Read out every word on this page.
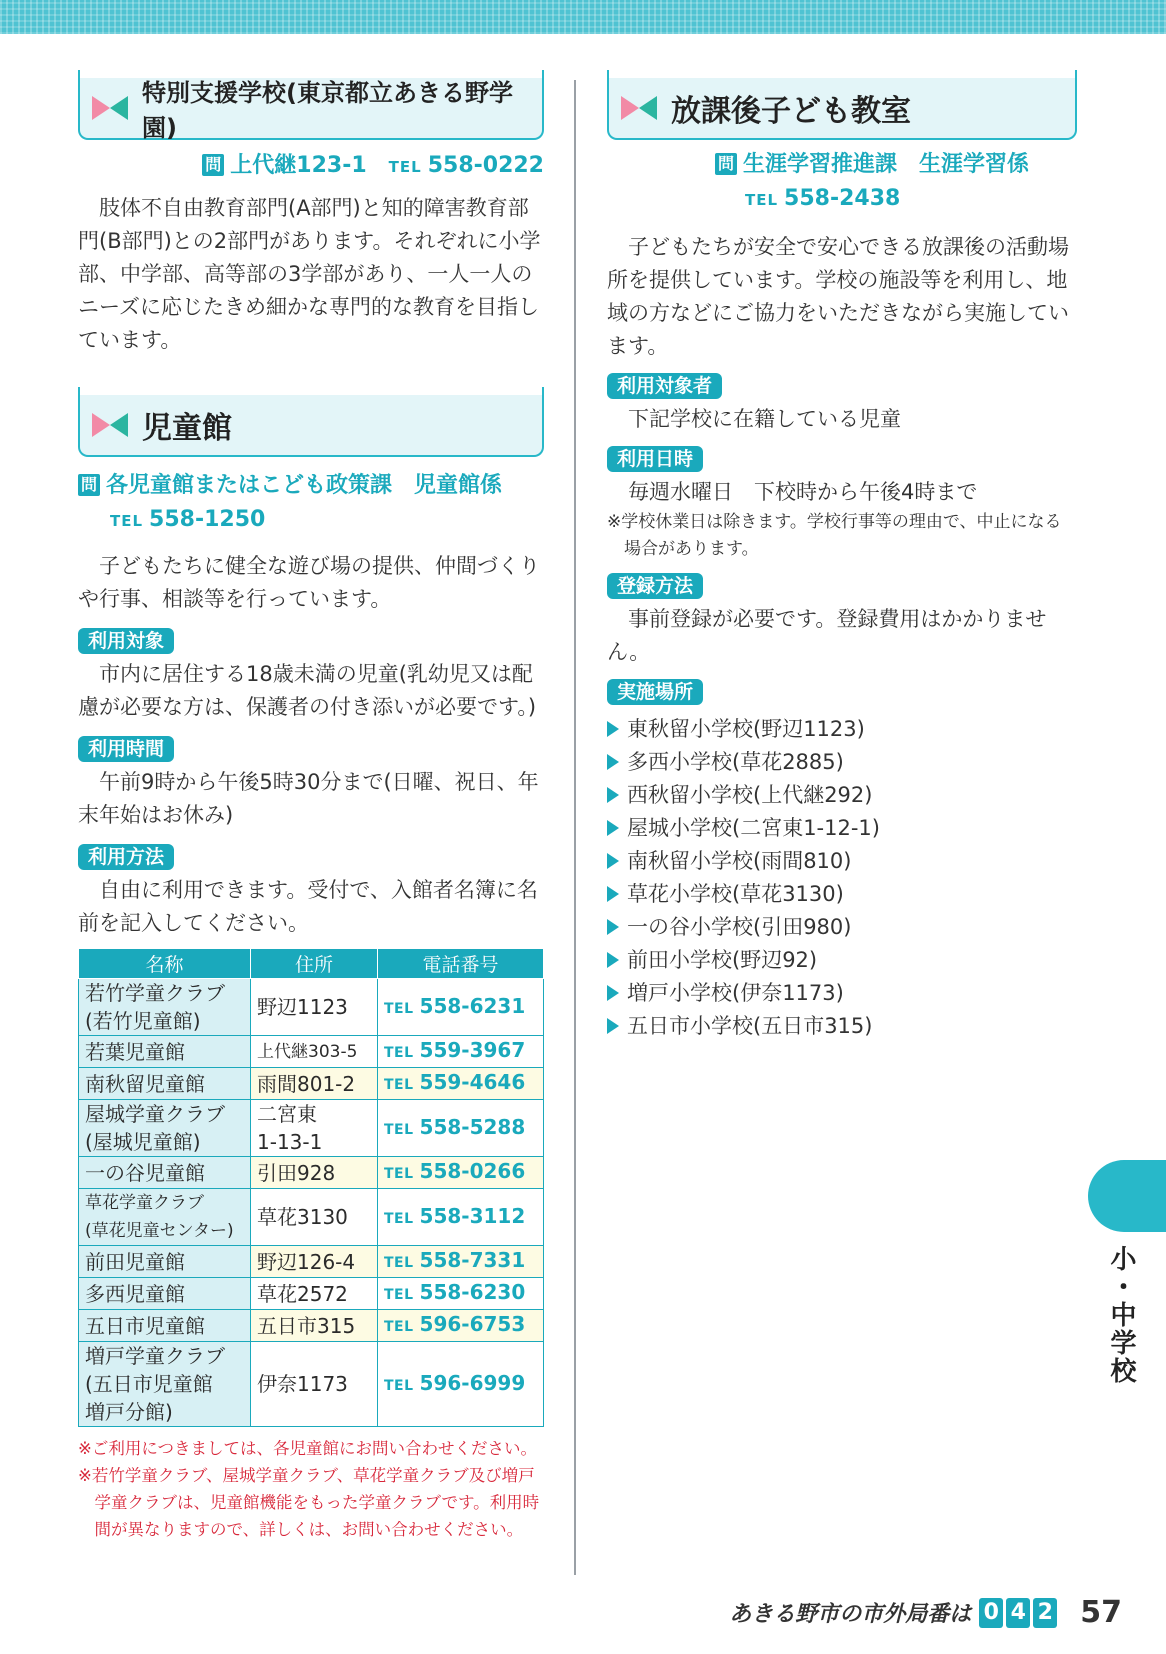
特別支援学校(東京都立あきる野学園)
問 上代継123-1　 TEL 558-0222

肢体不自由教育部門(A部門)と知的障害教育部門(B部門)との2部門があります。それぞれに小学部、中学部、高等部の3学部があり、一人一人のニーズに応じたきめ細かな専門的な教育を目指しています。

児童館
問 各児童館またはこども政策課　児童館係
TEL 558-1250

子どもたちに健全な遊び場の提供、仲間づくりや行事、相談等を行っています。

利用対象

市内に居住する18歳未満の児童(乳幼児又は配慮が必要な方は、保護者の付き添いが必要です。)

利用時間

午前9時から午後5時30分まで(日曜、祝日、年末年始はお休み)

利用方法

自由に利用できます。受付で、入館者名簿に名前を記入してください。

名称	住所	電話番号
若竹学童クラブ
(若竹児童館)	野辺1123	TEL 558-6231
若葉児童館	上代継303-5	TEL 559-3967
南秋留児童館	雨間801-2	TEL 559-4646
屋城学童クラブ
(屋城児童館)	二宮東
1-13-1	TEL 558-5288
一の谷児童館	引田928	TEL 558-0266
草花学童クラブ
(草花児童センター)	草花3130	TEL 558-3112
前田児童館	野辺126-4	TEL 558-7331
多西児童館	草花2572	TEL 558-6230
五日市児童館	五日市315	TEL 596-6753
増戸学童クラブ
(五日市児童館
増戸分館)	伊奈1173	TEL 596-6999

※ご利用につきましては、各児童館にお問い合わせください。

※若竹学童クラブ、屋城学童クラブ、草花学童クラブ及び増戸学童クラブは、児童館機能をもった学童クラブです。利用時間が異なりますので、詳しくは、お問い合わせください。

放課後子ども教室
問 生涯学習推進課　生涯学習係
TEL 558-2438

子どもたちが安全で安心できる放課後の活動場所を提供しています。学校の施設等を利用し、地域の方などにご協力をいただきながら実施しています。

利用対象者

下記学校に在籍している児童

利用日時

毎週水曜日　下校時から午後4時まで

※学校休業日は除きます。学校行事等の理由で、中止になる場合があります。

登録方法

事前登録が必要です。登録費用はかかりません。

実施場所
東秋留小学校(野辺1123)
多西小学校(草花2885)
西秋留小学校(上代継292)
屋城小学校(二宮東1-12-1)
南秋留小学校(雨間810)
草花小学校(草花3130)
一の谷小学校(引田980)
前田小学校(野辺92)
増戸小学校(伊奈1173)
五日市小学校(五日市315)
小・中学校
あきる野市の市外局番は 0 4 2 57
